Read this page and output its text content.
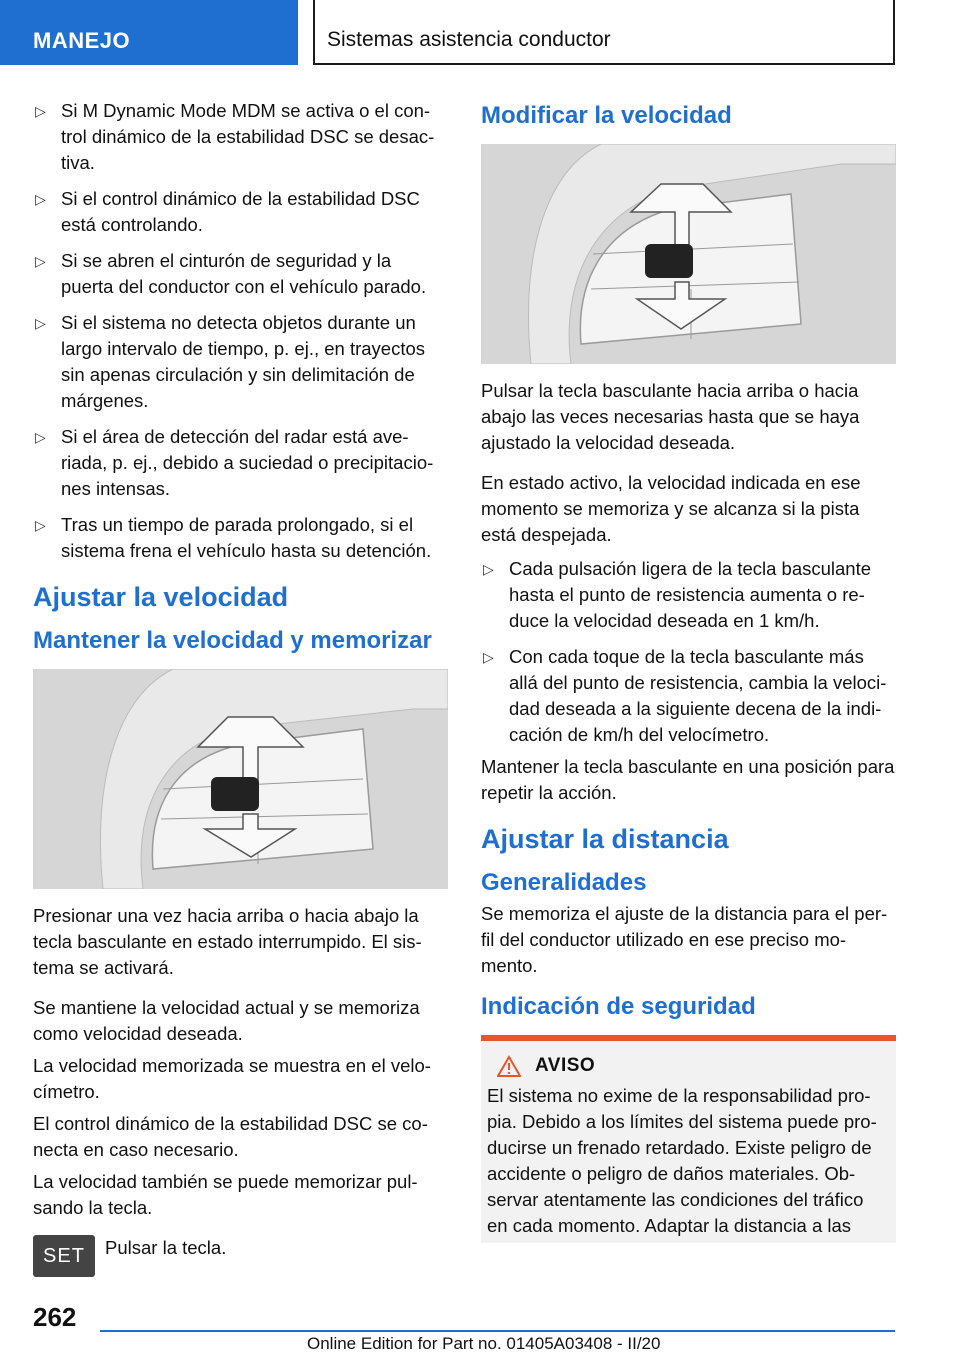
MANEJO	Sistemas asistencia conductor
▷ Si M Dynamic Mode MDM se activa o el con-trol dinámico de la estabilidad DSC se desac-tiva.
▷ Si el control dinámico de la estabilidad DSC está controlando.
▷ Si se abren el cinturón de seguridad y la puerta del conductor con el vehículo parado.
▷ Si el sistema no detecta objetos durante un largo intervalo de tiempo, p. ej., en trayectos sin apenas circulación y sin delimitación de márgenes.
▷ Si el área de detección del radar está ave-riada, p. ej., debido a suciedad o precipitacio-nes intensas.
▷ Tras un tiempo de parada prolongado, si el sistema frena el vehículo hasta su detención.
Ajustar la velocidad
Mantener la velocidad y memorizar

Presionar una vez hacia arriba o hacia abajo la tecla basculante en estado interrumpido. El sis-tema se activará.

Se mantiene la velocidad actual y se memoriza como velocidad deseada.

La velocidad memorizada se muestra en el velo-címetro.

El control dinámico de la estabilidad DSC se co-necta en caso necesario.

La velocidad también se puede memorizar pul-sando la tecla.

SET	Pulsar la tecla.
Modificar la velocidad

Pulsar la tecla basculante hacia arriba o hacia abajo las veces necesarias hasta que se haya ajustado la velocidad deseada.

En estado activo, la velocidad indicada en ese momento se memoriza y se alcanza si la pista está despejada.

▷ Cada pulsación ligera de la tecla basculante hasta el punto de resistencia aumenta o re-duce la velocidad deseada en 1 km/h.
▷ Con cada toque de la tecla basculante más allá del punto de resistencia, cambia la veloci-dad deseada a la siguiente decena de la indi-cación de km/h del velocímetro.

Mantener la tecla basculante en una posición para repetir la acción.

Ajustar la distancia
Generalidades

Se memoriza el ajuste de la distancia para el per-fil del conductor utilizado en ese preciso mo-mento.

Indicación de seguridad
AVISO

El sistema no exime de la responsabilidad pro-pia. Debido a los límites del sistema puede pro-ducirse un frenado retardado. Existe peligro de accidente o peligro de daños materiales. Ob-servar atentamente las condiciones del tráfico en cada momento. Adaptar la distancia a las

262
Online Edition for Part no. 01405A03408 - II/20
